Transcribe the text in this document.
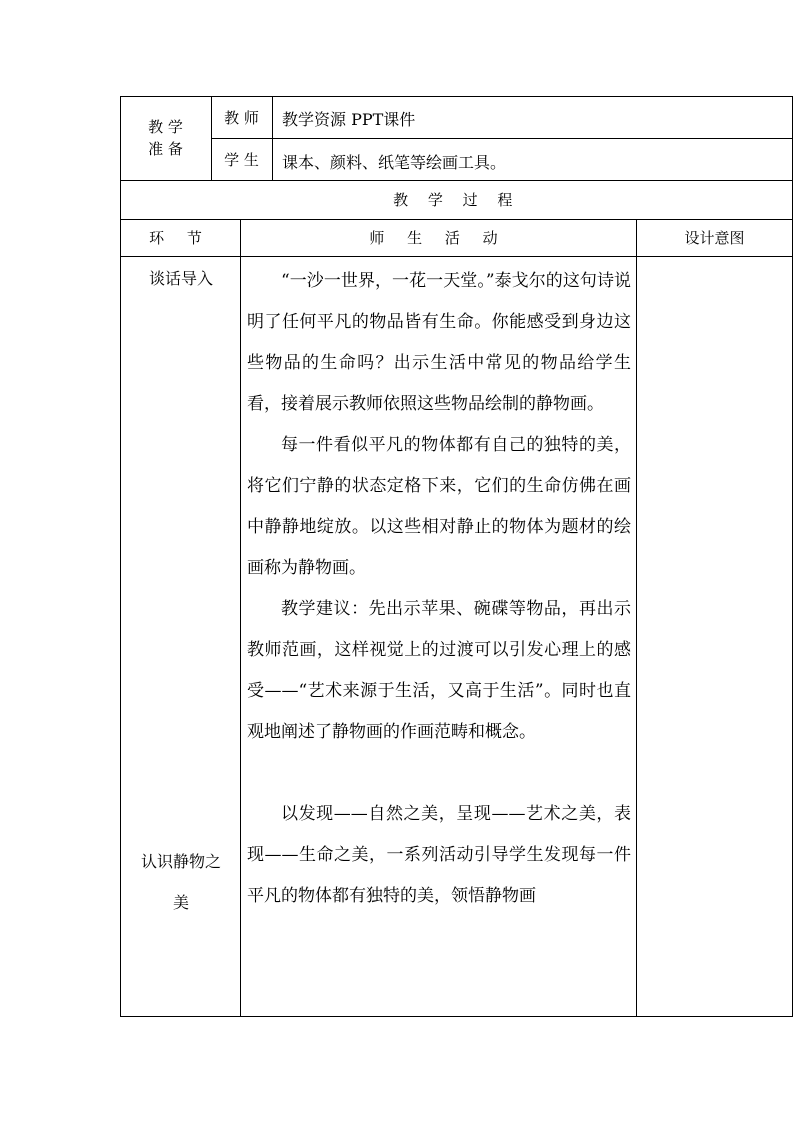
教 学
准 备
教 师 教学资源 PPT课件
学 生 课本、颜料、纸笔等绘画工具。
教 学 过 程
环 节	师 生 活 动	设计意图
谈话导入
认识静物之
美

“一沙一世界，一花一天堂。”泰戈尔的这句诗说明了任何平凡的物品皆有生命。你能感受到身边这些物品的生命吗？出示生活中常见的物品给学生看，接着展示教师依照这些物品绘制的静物画。

每一件看似平凡的物体都有自己的独特的美，将它们宁静的状态定格下来，它们的生命仿佛在画中静静地绽放。以这些相对静止的物体为题材的绘画称为静物画。

教学建议：先出示苹果、碗碟等物品，再出示教师范画，这样视觉上的过渡可以引发心理上的感受——“艺术来源于生活，又高于生活”。同时也直观地阐述了静物画的作画范畴和概念。

以发现——自然之美，呈现——艺术之美，表现——生命之美，一系列活动引导学生发现每一件平凡的物体都有独特的美，领悟静物画
